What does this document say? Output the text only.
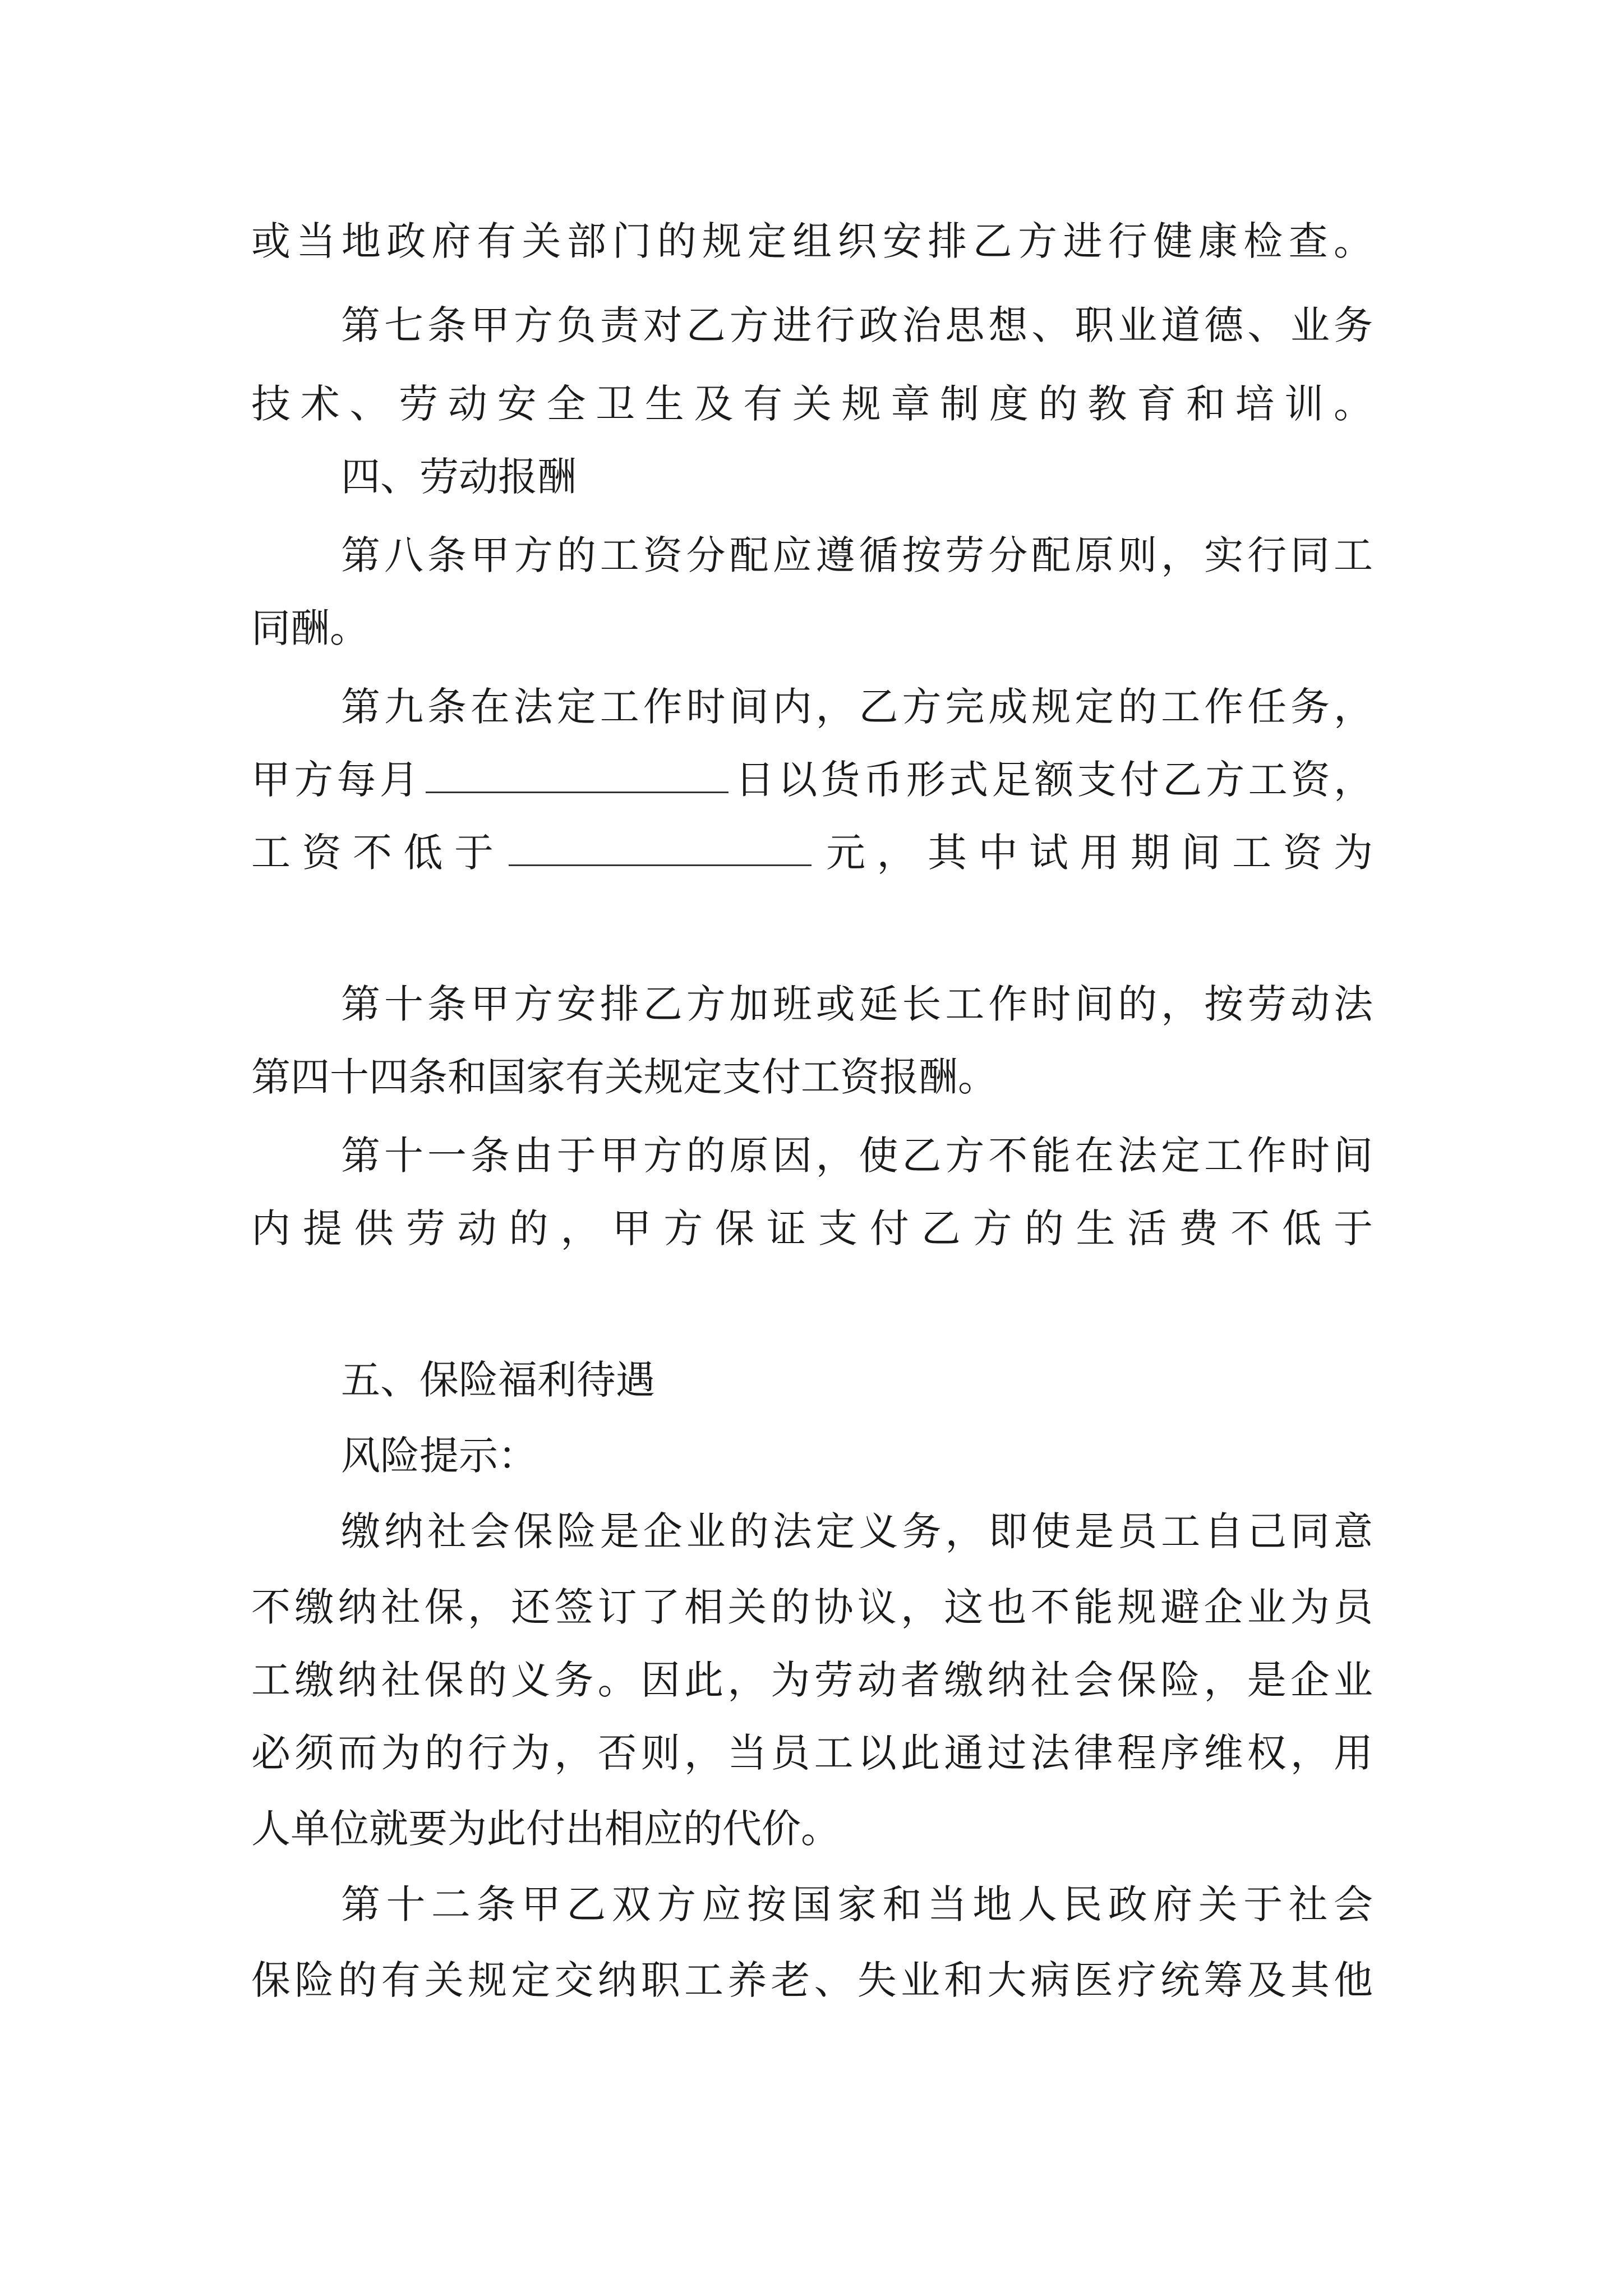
或当地政府有关部门的规定组织安排乙方进行健康检查。
第七条甲方负责对乙方进行政治思想、职业道德、业务
技术、劳动安全卫生及有关规章制度的教育和培训。
四、劳动报酬
第八条甲方的工资分配应遵循按劳分配原则，实行同工
同酬。
第九条在法定工作时间内，乙方完成规定的工作任务，
甲方每月	日以货币形式足额支付乙方工资，
工资不低于	元，其中试用期间工资为

第十条甲方安排乙方加班或延长工作时间的，按劳动法
第四十四条和国家有关规定支付工资报酬。
第十一条由于甲方的原因，使乙方不能在法定工作时间
内提供劳动的，甲方保证支付乙方的生活费不低于

五、保险福利待遇
风险提示：
缴纳社会保险是企业的法定义务，即使是员工自己同意
不缴纳社保，还签订了相关的协议，这也不能规避企业为员
工缴纳社保的义务。因此，为劳动者缴纳社会保险，是企业
必须而为的行为，否则，当员工以此通过法律程序维权，用
人单位就要为此付出相应的代价。
第十二条甲乙双方应按国家和当地人民政府关于社会
保险的有关规定交纳职工养老、失业和大病医疗统筹及其他
